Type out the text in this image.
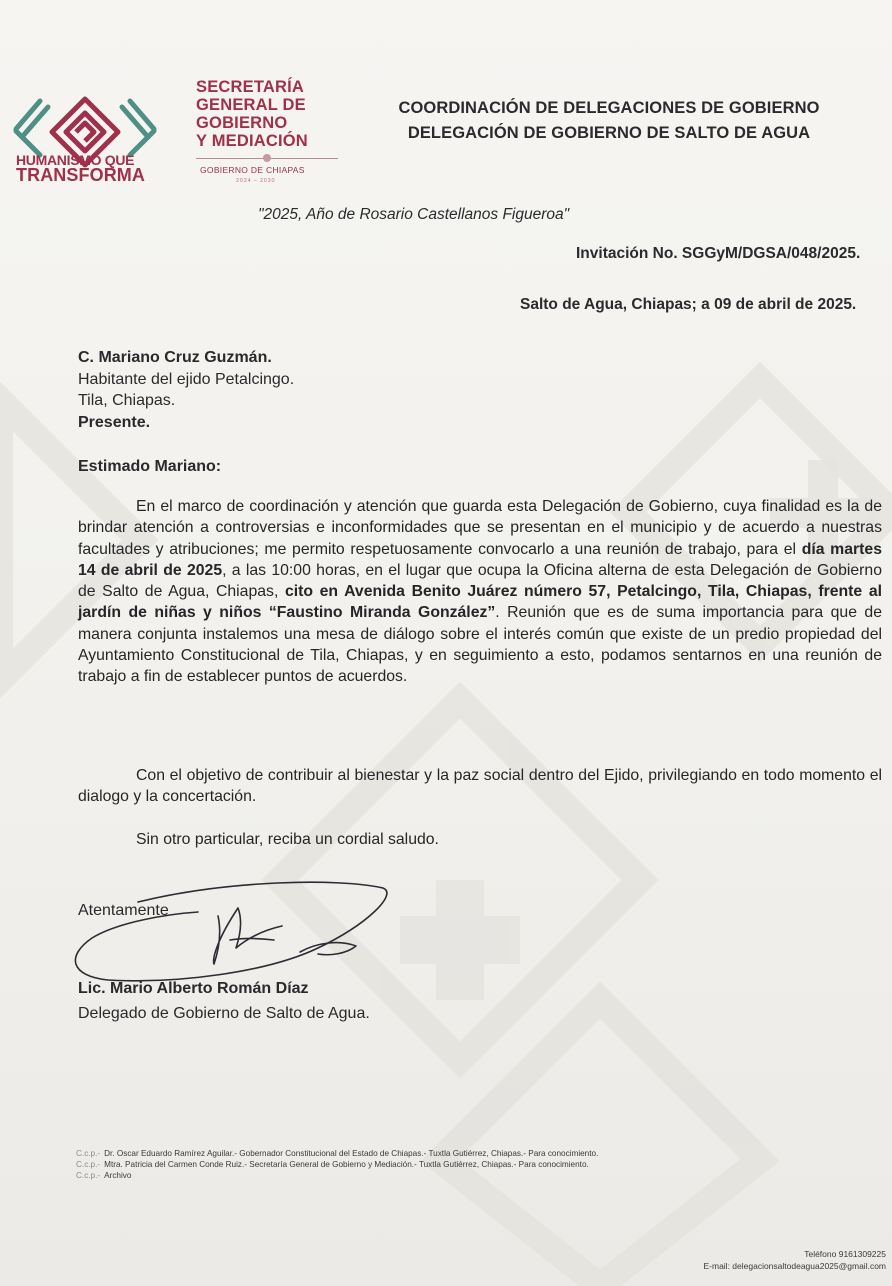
HUMANISMO QUE
TRANSFORMA
SECRETARÍA
GENERAL DE
GOBIERNO
Y MEDIACIÓN
GOBIERNO DE CHIAPAS
2024 – 2030
COORDINACIÓN DE DELEGACIONES DE GOBIERNO
DELEGACIÓN DE GOBIERNO DE SALTO DE AGUA
"2025, Año de Rosario Castellanos Figueroa"
Invitación No. SGGyM/DGSA/048/2025.
Salto de Agua, Chiapas; a 09 de abril de 2025.
C. Mariano Cruz Guzmán.
Habitante del ejido Petalcingo.
Tila, Chiapas.
Presente.
Estimado Mariano:
En el marco de coordinación y atención que guarda esta Delegación de Gobierno, cuya finalidad es la de brindar atención a controversias e inconformidades que se presentan en el municipio y de acuerdo a nuestras facultades y atribuciones; me permito respetuosamente convocarlo a una reunión de trabajo, para el día martes 14 de abril de 2025, a las 10:00 horas, en el lugar que ocupa la Oficina alterna de esta Delegación de Gobierno de Salto de Agua, Chiapas, cito en Avenida Benito Juárez número 57, Petalcingo, Tila, Chiapas, frente al jardín de niñas y niños “Faustino Miranda González”. Reunión que es de suma importancia para que de manera conjunta instalemos una mesa de diálogo sobre el interés común que existe de un predio propiedad del Ayuntamiento Constitucional de Tila, Chiapas, y en seguimiento a esto, podamos sentarnos en una reunión de trabajo a fin de establecer puntos de acuerdos.
Con el objetivo de contribuir al bienestar y la paz social dentro del Ejido, privilegiando en todo momento el dialogo y la concertación.
Sin otro particular, reciba un cordial saludo.
Atentamente
Lic. Mario Alberto Román Díaz
Delegado de Gobierno de Salto de Agua.
C.c.p.- Dr. Oscar Eduardo Ramírez Aguilar.- Gobernador Constitucional del Estado de Chiapas.- Tuxtla Gutiérrez, Chiapas.- Para conocimiento.
C.c.p.- Mtra. Patricia del Carmen Conde Ruiz.- Secretaría General de Gobierno y Mediación.- Tuxtla Gutiérrez, Chiapas.- Para conocimiento.
C.c.p.- Archivo
Teléfono 9161309225
E-mail: delegacionsaltodeagua2025@gmail.com
